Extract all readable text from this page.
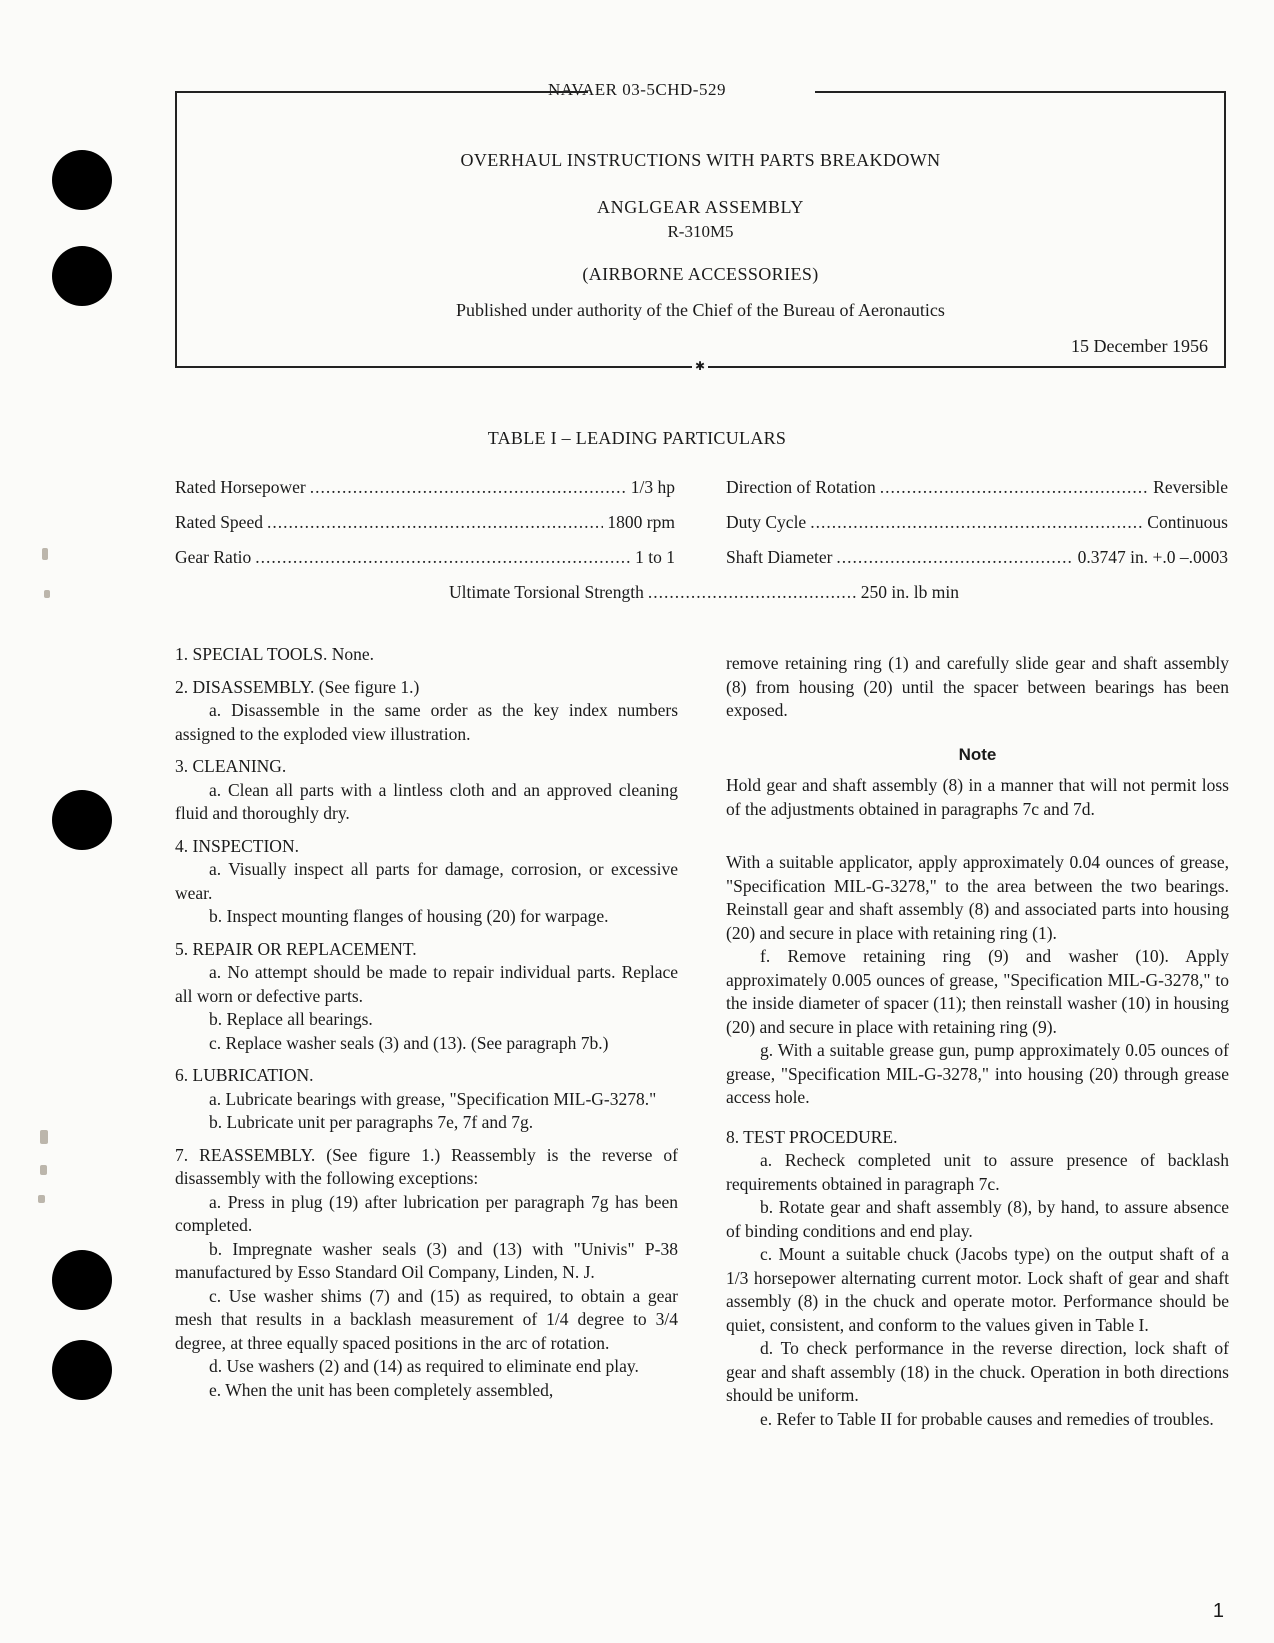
NAVAER 03-5CHD-529
✱
OVERHAUL INSTRUCTIONS WITH PARTS BREAKDOWN
ANGLGEAR ASSEMBLY
R-310M5
(AIRBORNE ACCESSORIES)
Published under authority of the Chief of the Bureau of Aeronautics
15 December 1956
TABLE I – LEADING PARTICULARS
Rated Horsepower .....	1/3 hp
Rated Speed .....	1800 rpm
Gear Ratio .....	1 to 1
Direction of Rotation .....	Reversible
Duty Cycle .....	Continuous
Shaft Diameter .....	0.3747 in. +.0 –.0003
Ultimate Torsional Strength .....	250 in. lb min

1. SPECIAL TOOLS. None.

2. DISASSEMBLY. (See figure 1.)

a. Disassemble in the same order as the key index numbers assigned to the exploded view illustration.

3. CLEANING.

a. Clean all parts with a lintless cloth and an approved cleaning fluid and thoroughly dry.

4. INSPECTION.

a. Visually inspect all parts for damage, corrosion, or excessive wear.

b. Inspect mounting flanges of housing (20) for warpage.

5. REPAIR OR REPLACEMENT.

a. No attempt should be made to repair individual parts. Replace all worn or defective parts.

b. Replace all bearings.

c. Replace washer seals (3) and (13). (See paragraph 7b.)

6. LUBRICATION.

a. Lubricate bearings with grease, "Specification MIL-G-3278."

b. Lubricate unit per paragraphs 7e, 7f and 7g.

7. REASSEMBLY. (See figure 1.) Reassembly is the reverse of disassembly with the following exceptions:

a. Press in plug (19) after lubrication per paragraph 7g has been completed.

b. Impregnate washer seals (3) and (13) with "Univis" P-38 manufactured by Esso Standard Oil Company, Linden, N. J.

c. Use washer shims (7) and (15) as required, to obtain a gear mesh that results in a backlash measurement of 1/4 degree to 3/4 degree, at three equally spaced positions in the arc of rotation.

d. Use washers (2) and (14) as required to eliminate end play.

e. When the unit has been completely assembled,

remove retaining ring (1) and carefully slide gear and shaft assembly (8) from housing (20) until the spacer between bearings has been exposed.

Note

Hold gear and shaft assembly (8) in a manner that will not permit loss of the adjustments obtained in paragraphs 7c and 7d.

With a suitable applicator, apply approximately 0.04 ounces of grease, "Specification MIL-G-3278," to the area between the two bearings. Reinstall gear and shaft assembly (8) and associated parts into housing (20) and secure in place with retaining ring (1).

f. Remove retaining ring (9) and washer (10). Apply approximately 0.005 ounces of grease, "Specification MIL-G-3278," to the inside diameter of spacer (11); then reinstall washer (10) in housing (20) and secure in place with retaining ring (9).

g. With a suitable grease gun, pump approximately 0.05 ounces of grease, "Specification MIL-G-3278," into housing (20) through grease access hole.

8. TEST PROCEDURE.

a. Recheck completed unit to assure presence of backlash requirements obtained in paragraph 7c.

b. Rotate gear and shaft assembly (8), by hand, to assure absence of binding conditions and end play.

c. Mount a suitable chuck (Jacobs type) on the output shaft of a 1/3 horsepower alternating current motor. Lock shaft of gear and shaft assembly (8) in the chuck and operate motor. Performance should be quiet, consistent, and conform to the values given in Table I.

d. To check performance in the reverse direction, lock shaft of gear and shaft assembly (18) in the chuck. Operation in both directions should be uniform.

e. Refer to Table II for probable causes and remedies of troubles.

1
